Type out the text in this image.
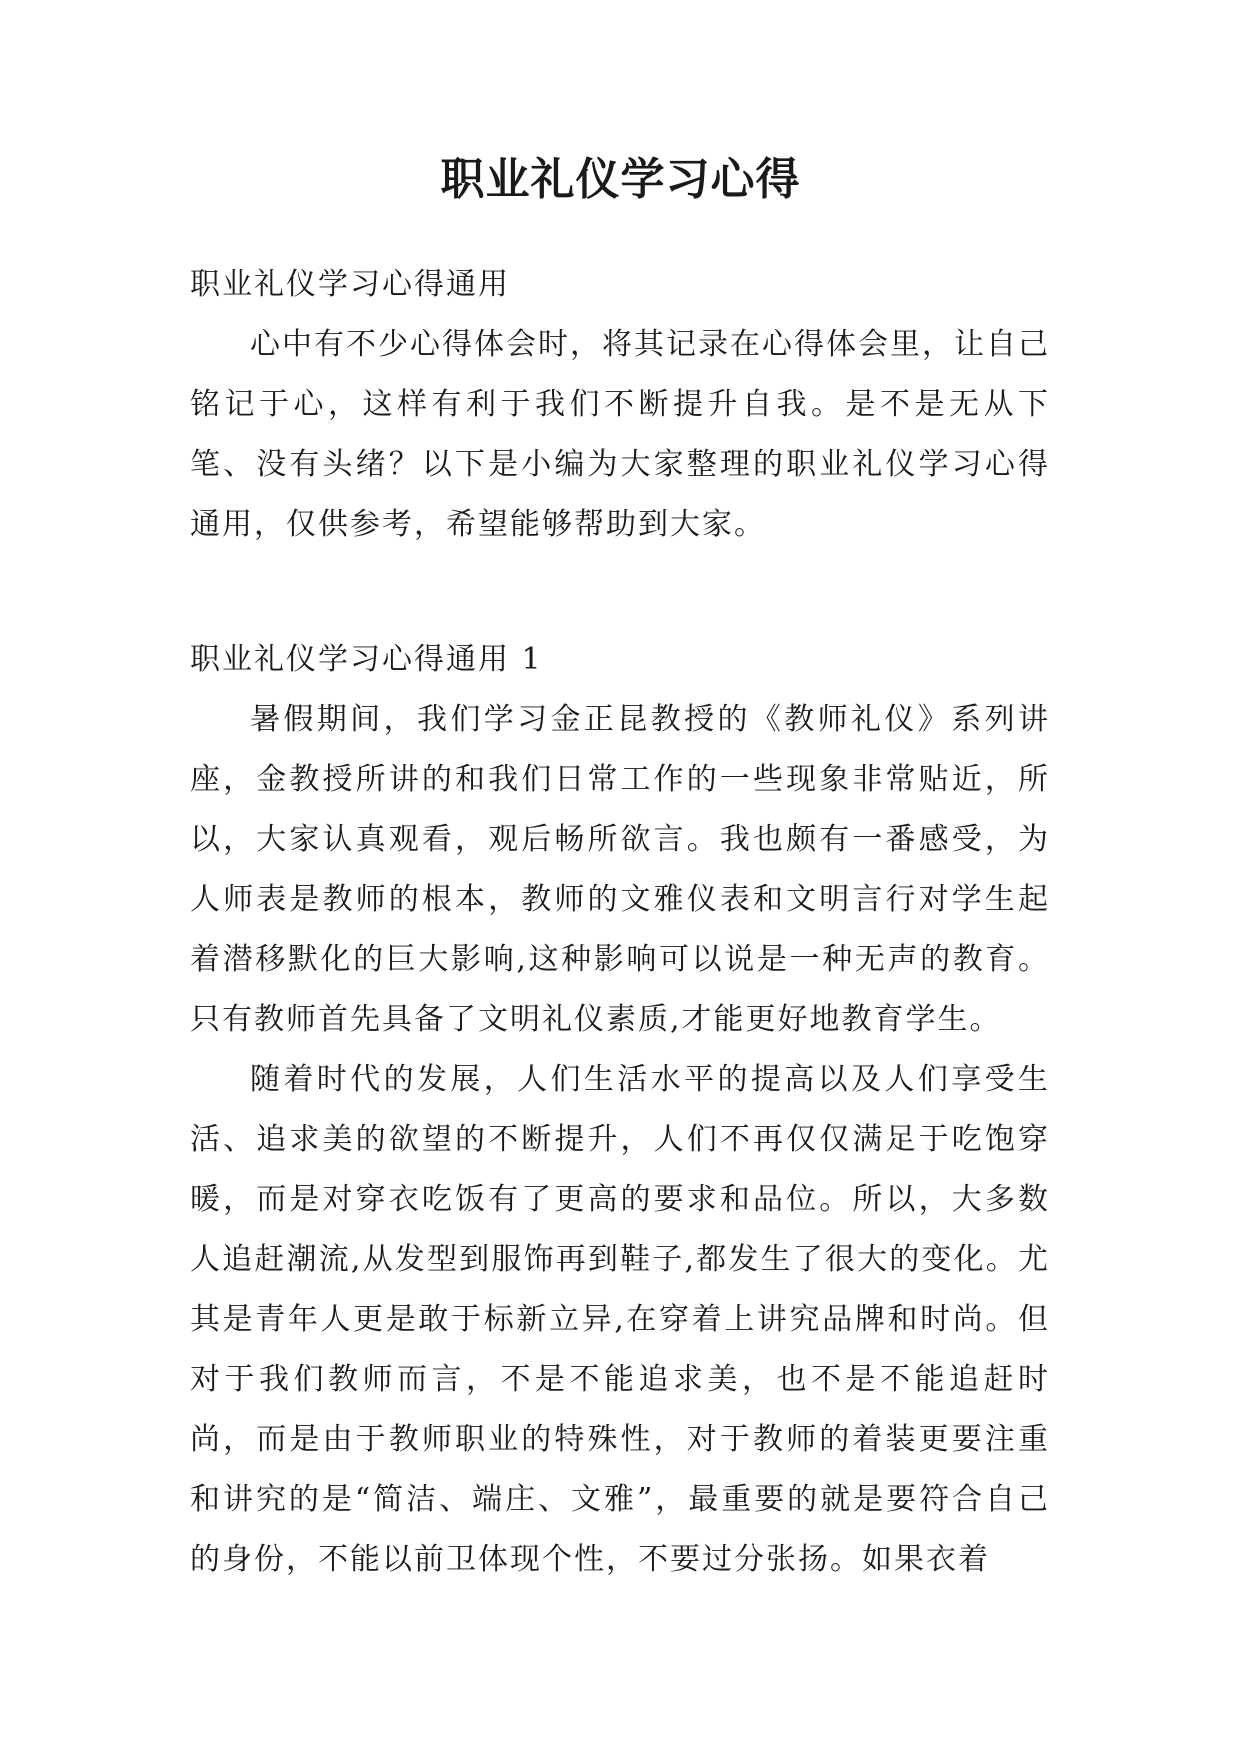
职业礼仪学习心得

职业礼仪学习心得通用

心中有不少心得体会时，将其记录在心得体会里，让自己铭记于心，这样有利于我们不断提升自我。是不是无从下笔、没有头绪？以下是小编为大家整理的职业礼仪学习心得通用，仅供参考，希望能够帮助到大家。

职业礼仪学习心得通用 1

暑假期间，我们学习金正昆教授的《教师礼仪》系列讲座，金教授所讲的和我们日常工作的一些现象非常贴近，所以，大家认真观看，观后畅所欲言。我也颇有一番感受，为人师表是教师的根本，教师的文雅仪表和文明言行对学生起着潜移默化的巨大影响,这种影响可以说是一种无声的教育。只有教师首先具备了文明礼仪素质,才能更好地教育学生。

随着时代的发展，人们生活水平的提高以及人们享受生活、追求美的欲望的不断提升，人们不再仅仅满足于吃饱穿暖，而是对穿衣吃饭有了更高的要求和品位。所以，大多数人追赶潮流,从发型到服饰再到鞋子,都发生了很大的变化。尤其是青年人更是敢于标新立异,在穿着上讲究品牌和时尚。但对于我们教师而言，不是不能追求美，也不是不能追赶时尚，而是由于教师职业的特殊性，对于教师的着装更要注重和讲究的是“简洁、端庄、文雅”，最重要的就是要符合自己的身份，不能以前卫体现个性，不要过分张扬。如果衣着
